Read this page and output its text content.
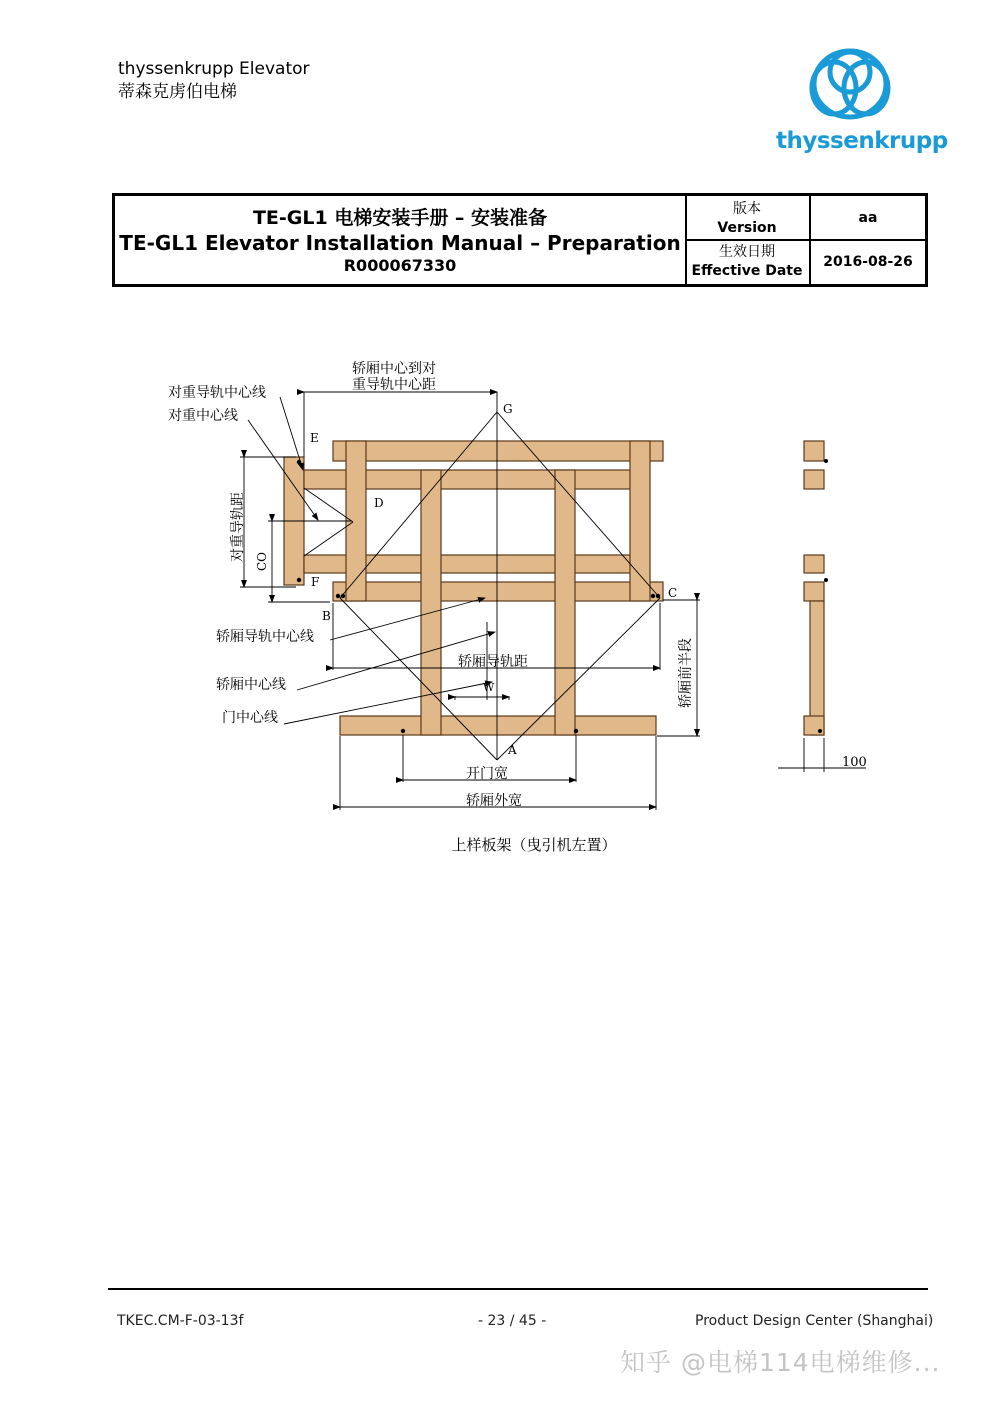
thyssenkrupp Elevator
蒂森克虏伯电梯
thyssenkrupp
TE-GL1 电梯安装手册 – 安装准备
TE-GL1 Elevator Installation Manual – Preparation
R000067330
版本
Version
aa
生效日期
Effective Date
2016-08-26
对重导轨中心线
对重中心线
轿厢中心到对
重导轨中心距
轿厢导轨中心线
轿厢中心线
门中心线
轿厢导轨距
开门宽
轿厢外宽
100
W
对重导轨距 CO
轿厢前半段
A
B
C
D
E
F
G
上样板架（曳引机左置）
TKEC.CM-F-03-13f	- 23 / 45 -	Product Design Center (Shanghai)
知乎 @电梯114电梯维修...
